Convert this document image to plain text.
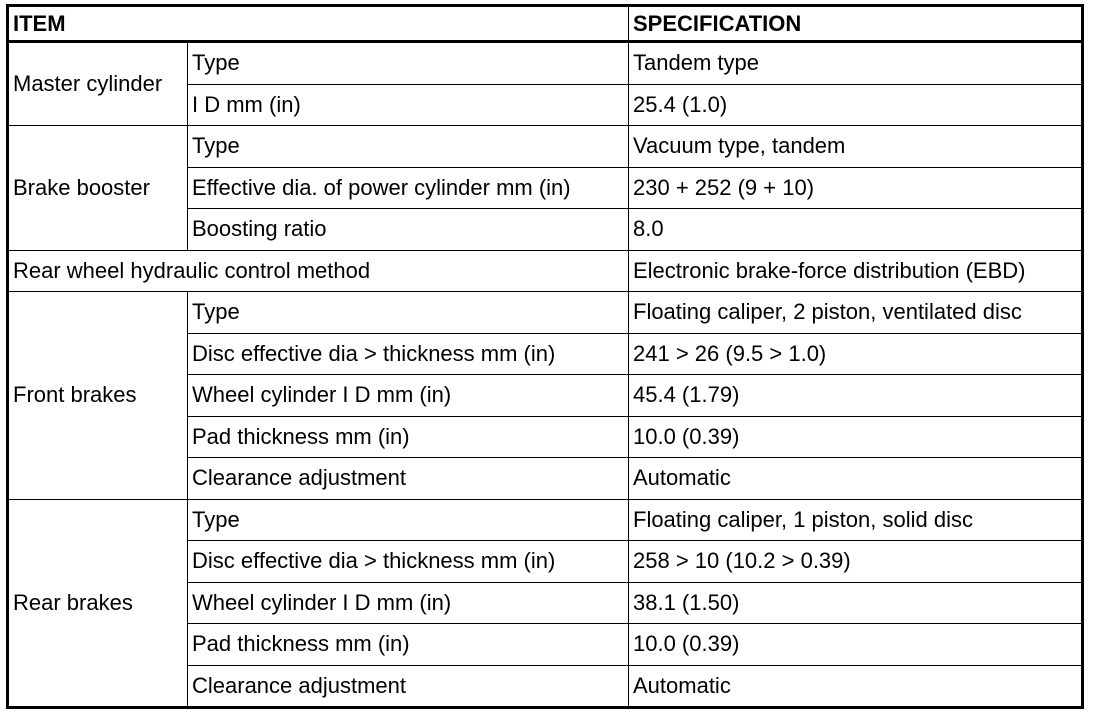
ITEM		SPECIFICATION
Master cylinder	Type	Tandem type
	I D mm (in)	25.4 (1.0)
Brake booster	Type	Vacuum type, tandem
	Effective dia. of power cylinder mm (in)	230 + 252 (9 + 10)
	Boosting ratio	8.0
Rear wheel hydraulic control method		Electronic brake-force distribution (EBD)
Front brakes	Type	Floating caliper, 2 piston, ventilated disc
	Disc effective dia > thickness mm (in)	241 > 26 (9.5 > 1.0)
	Wheel cylinder I D mm (in)	45.4 (1.79)
	Pad thickness mm (in)	10.0 (0.39)
	Clearance adjustment	Automatic
Rear brakes	Type	Floating caliper, 1 piston, solid disc
	Disc effective dia > thickness mm (in)	258 > 10 (10.2 > 0.39)
	Wheel cylinder I D mm (in)	38.1 (1.50)
	Pad thickness mm (in)	10.0 (0.39)
	Clearance adjustment	Automatic
